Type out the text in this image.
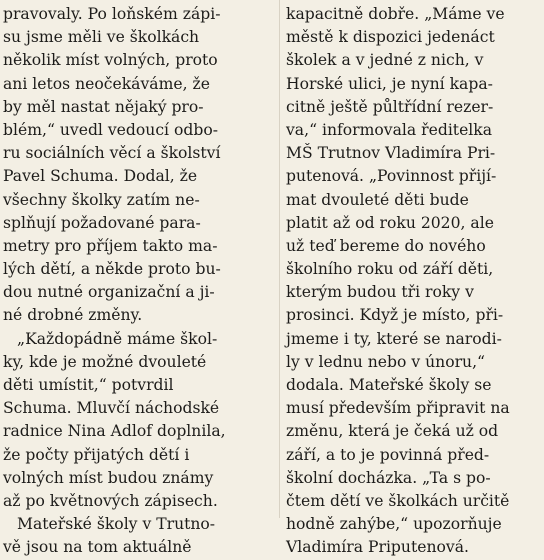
pravovaly. Po loňském zápi-
su jsme měli ve školkách
několik míst volných, proto
ani letos neočekáváme, že
by měl nastat nějaký pro-
blém,“ uvedl vedoucí odbo-
ru sociálních věcí a školství
Pavel Schuma. Dodal, že
všechny školky zatím ne-
splňují požadované para-
metry pro příjem takto ma-
lých dětí, a někde proto bu-
dou nutné organizační a ji-
né drobné změny.
„Každopádně máme škol-
ky, kde je možné dvouleté
děti umístit,“ potvrdil
Schuma. Mluvčí náchodské
radnice Nina Adlof doplnila,
že počty přijatých dětí i
volných míst budou známy
až po květnových zápisech.
Mateřské školy v Trutno-
vě jsou na tom aktuálně
kapacitně dobře. „Máme ve
městě k dispozici jedenáct
školek a v jedné z nich, v
Horské ulici, je nyní kapa-
citně ještě půltřídní rezer-
va,“ informovala ředitelka
MŠ Trutnov Vladimíra Pri-
putenová. „Povinnost přijí-
mat dvouleté děti bude
platit až od roku 2020, ale
už teď bereme do nového
školního roku od září děti,
kterým budou tři roky v
prosinci. Když je místo, při-
jmeme i ty, které se narodi-
ly v lednu nebo v únoru,“
dodala. Mateřské školy se
musí především připravit na
změnu, která je čeká už od
září, a to je povinná před-
školní docházka. „Ta s po-
čtem dětí ve školkách určitě
hodně zahýbe,“ upozorňuje
Vladimíra Priputenová.
